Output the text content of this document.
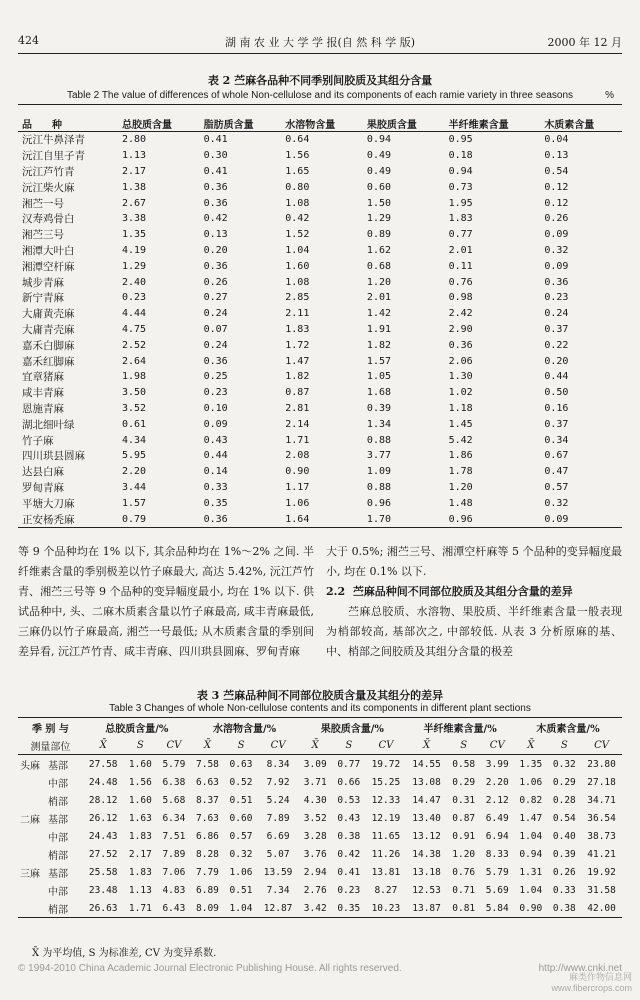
424	湖 南 农 业 大 学 学 报(自 然 科 学 版)	2000 年 12 月
表 2 苎麻各品种不同季别间胶质及其组分含量
Table 2 The value of differences of whole Non-cellulose and its components of each ramie variety in three seasons	%
品　　种	总胶质含量	脂肪质含量	水溶物含量	果胶质含量	半纤维素含量	木质素含量
沅江牛鼻泽青	2.80	0.41	0.64	0.94	0.95	0.04
沅江自里子青	1.13	0.30	1.56	0.49	0.18	0.13
沅江芦竹青	2.17	0.41	1.65	0.49	0.94	0.54
沅江柴火麻	1.38	0.36	0.80	0.60	0.73	0.12
湘苎一号	2.67	0.36	1.08	1.50	1.95	0.12
汉寿鸡骨白	3.38	0.42	0.42	1.29	1.83	0.26
湘苎三号	1.35	0.13	1.52	0.89	0.77	0.09
湘潭大叶白	4.19	0.20	1.04	1.62	2.01	0.32
湘潭空杆麻	1.29	0.36	1.60	0.68	0.11	0.09
城步青麻	2.40	0.26	1.08	1.20	0.76	0.36
新宁青麻	0.23	0.27	2.85	2.01	0.98	0.23
大庸黄壳麻	4.44	0.24	2.11	1.42	2.42	0.24
大庸青壳麻	4.75	0.07	1.83	1.91	2.90	0.37
嘉禾白脚麻	2.52	0.24	1.72	1.82	0.36	0.22
嘉禾红脚麻	2.64	0.36	1.47	1.57	2.06	0.20
宜章猪麻	1.98	0.25	1.82	1.05	1.30	0.44
咸丰青麻	3.50	0.23	0.87	1.68	1.02	0.50
恩施青麻	3.52	0.10	2.81	0.39	1.18	0.16
湖北细叶绿	0.61	0.09	2.14	1.34	1.45	0.37
竹子麻	4.34	0.43	1.71	0.88	5.42	0.34
四川珙县圆麻	5.95	0.44	2.08	3.77	1.86	0.67
达县白麻	2.20	0.14	0.90	1.09	1.78	0.47
罗甸青麻	3.44	0.33	1.17	0.88	1.20	0.57
平塘大刀麻	1.57	0.35	1.06	0.96	1.48	0.32
正安杨秃麻	0.79	0.36	1.64	1.70	0.96	0.09

等 9 个品种均在 1% 以下, 其余品种均在 1%～2% 之间. 半纤维素含量的季别极差以竹子麻最大, 高达 5.42%, 沅江芦竹青、湘苎三号等 9 个品种的变异幅度最小, 均在 1% 以下. 供试品种中, 头、二麻木质素含量以竹子麻最高, 咸丰青麻最低, 三麻仍以竹子麻最高, 湘苎一号最低; 从木质素含量的季别间差异看, 沅江芦竹青、咸丰青麻、四川珙县圆麻、罗甸青麻

大于 0.5%; 湘苎三号、湘潭空杆麻等 5 个品种的变异幅度最小, 均在 0.1% 以下.

2.2 苎麻品种间不同部位胶质及其组分含量的差异

苎麻总胶质、水溶物、果胶质、半纤维素含量一般表现为梢部较高, 基部次之, 中部较低. 从表 3 分析原麻的基、中、梢部之间胶质及其组分含量的极差

表 3 苎麻品种间不同部位胶质含量及其组分的差异
Table 3 Changes of whole Non-cellulose contents and its components in different plant sections
季 别 与	总胶质含量/%			水溶物含量/%			果胶质含量/%			半纤维素含量/%			木质素含量/%		
测量部位	X̄	S	CV	X̄	S	CV	X̄	S	CV	X̄	S	CV	X̄	S	CV
头麻 基部	27.58	1.60	5.79	7.58	0.63	8.34	3.09	0.77	19.72	14.55	0.58	3.99	1.35	0.32	23.80
中部	24.48	1.56	6.38	6.63	0.52	7.92	3.71	0.66	15.25	13.08	0.29	2.20	1.06	0.29	27.18
梢部	28.12	1.60	5.68	8.37	0.51	5.24	4.30	0.53	12.33	14.47	0.31	2.12	0.82	0.28	34.71
二麻 基部	26.12	1.63	6.34	7.63	0.60	7.89	3.52	0.43	12.19	13.40	0.87	6.49	1.47	0.54	36.54
中部	24.43	1.83	7.51	6.86	0.57	6.69	3.28	0.38	11.65	13.12	0.91	6.94	1.04	0.40	38.73
梢部	27.52	2.17	7.89	8.28	0.32	5.07	3.76	0.42	11.26	14.38	1.20	8.33	0.94	0.39	41.21
三麻 基部	25.58	1.83	7.06	7.79	1.06	13.59	2.94	0.41	13.81	13.18	0.76	5.79	1.31	0.26	19.92
中部	23.48	1.13	4.83	6.89	0.51	7.34	2.76	0.23	8.27	12.53	0.71	5.69	1.04	0.33	31.58
梢部	26.63	1.71	6.43	8.09	1.04	12.87	3.42	0.35	10.23	13.87	0.81	5.84	0.90	0.38	42.00
X̄ 为平均值, S 为标准差, CV 为变异系数.
© 1994-2010 China Academic Journal Electronic Publishing House. All rights reserved.	http://www.cnki.net
麻类作物信息网
www.fibercrops.com
